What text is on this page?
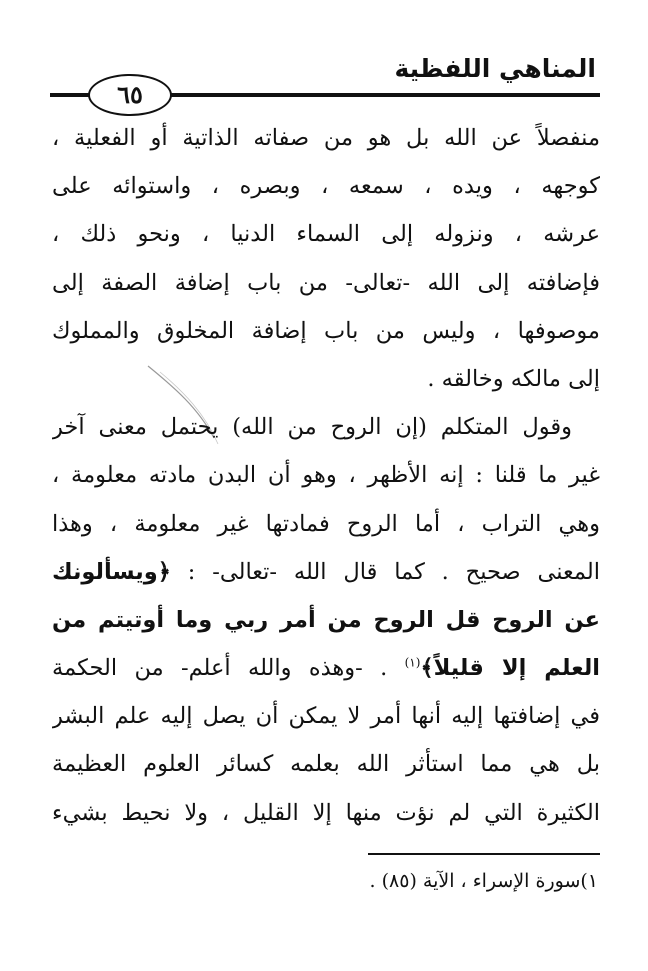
المناهي اللفظية
٦٥
منفصلاً عن الله بل هو من صفاته الذاتية أو الفعلية ،
كوجهه ، ويده ، سمعه ، وبصره ، واستوائه على
عرشه ، ونزوله إلى السماء الدنيا ، ونحو ذلك ،
فإضافته إلى الله -تعالى- من باب إضافة الصفة إلى
موصوفها ، وليس من باب إضافة المخلوق والمملوك
إلى مالكه وخالقه .
وقول المتكلم (إن الروح من الله) يحتمل معنى آخر
غير ما قلنا : إنه الأظهر ، وهو أن البدن مادته معلومة ،
وهي التراب ، أما الروح فمادتها غير معلومة ، وهذا
المعنى صحيح . كما قال الله -تعالى- : ﴿ويسألونك
عن الروح قل الروح من أمر ربي وما أوتيتم من
العلم إلا قليلاً﴾$^{(١)}$ . -وهذه والله أعلم- من الحكمة
في إضافتها إليه أنها أمر لا يمكن أن يصل إليه علم البشر
بل هي مما استأثر الله بعلمه كسائر العلوم العظيمة
الكثيرة التي لم نؤت منها إلا القليل ، ولا نحيط بشيء
١)سورة الإسراء ، الآية (٨٥) .
